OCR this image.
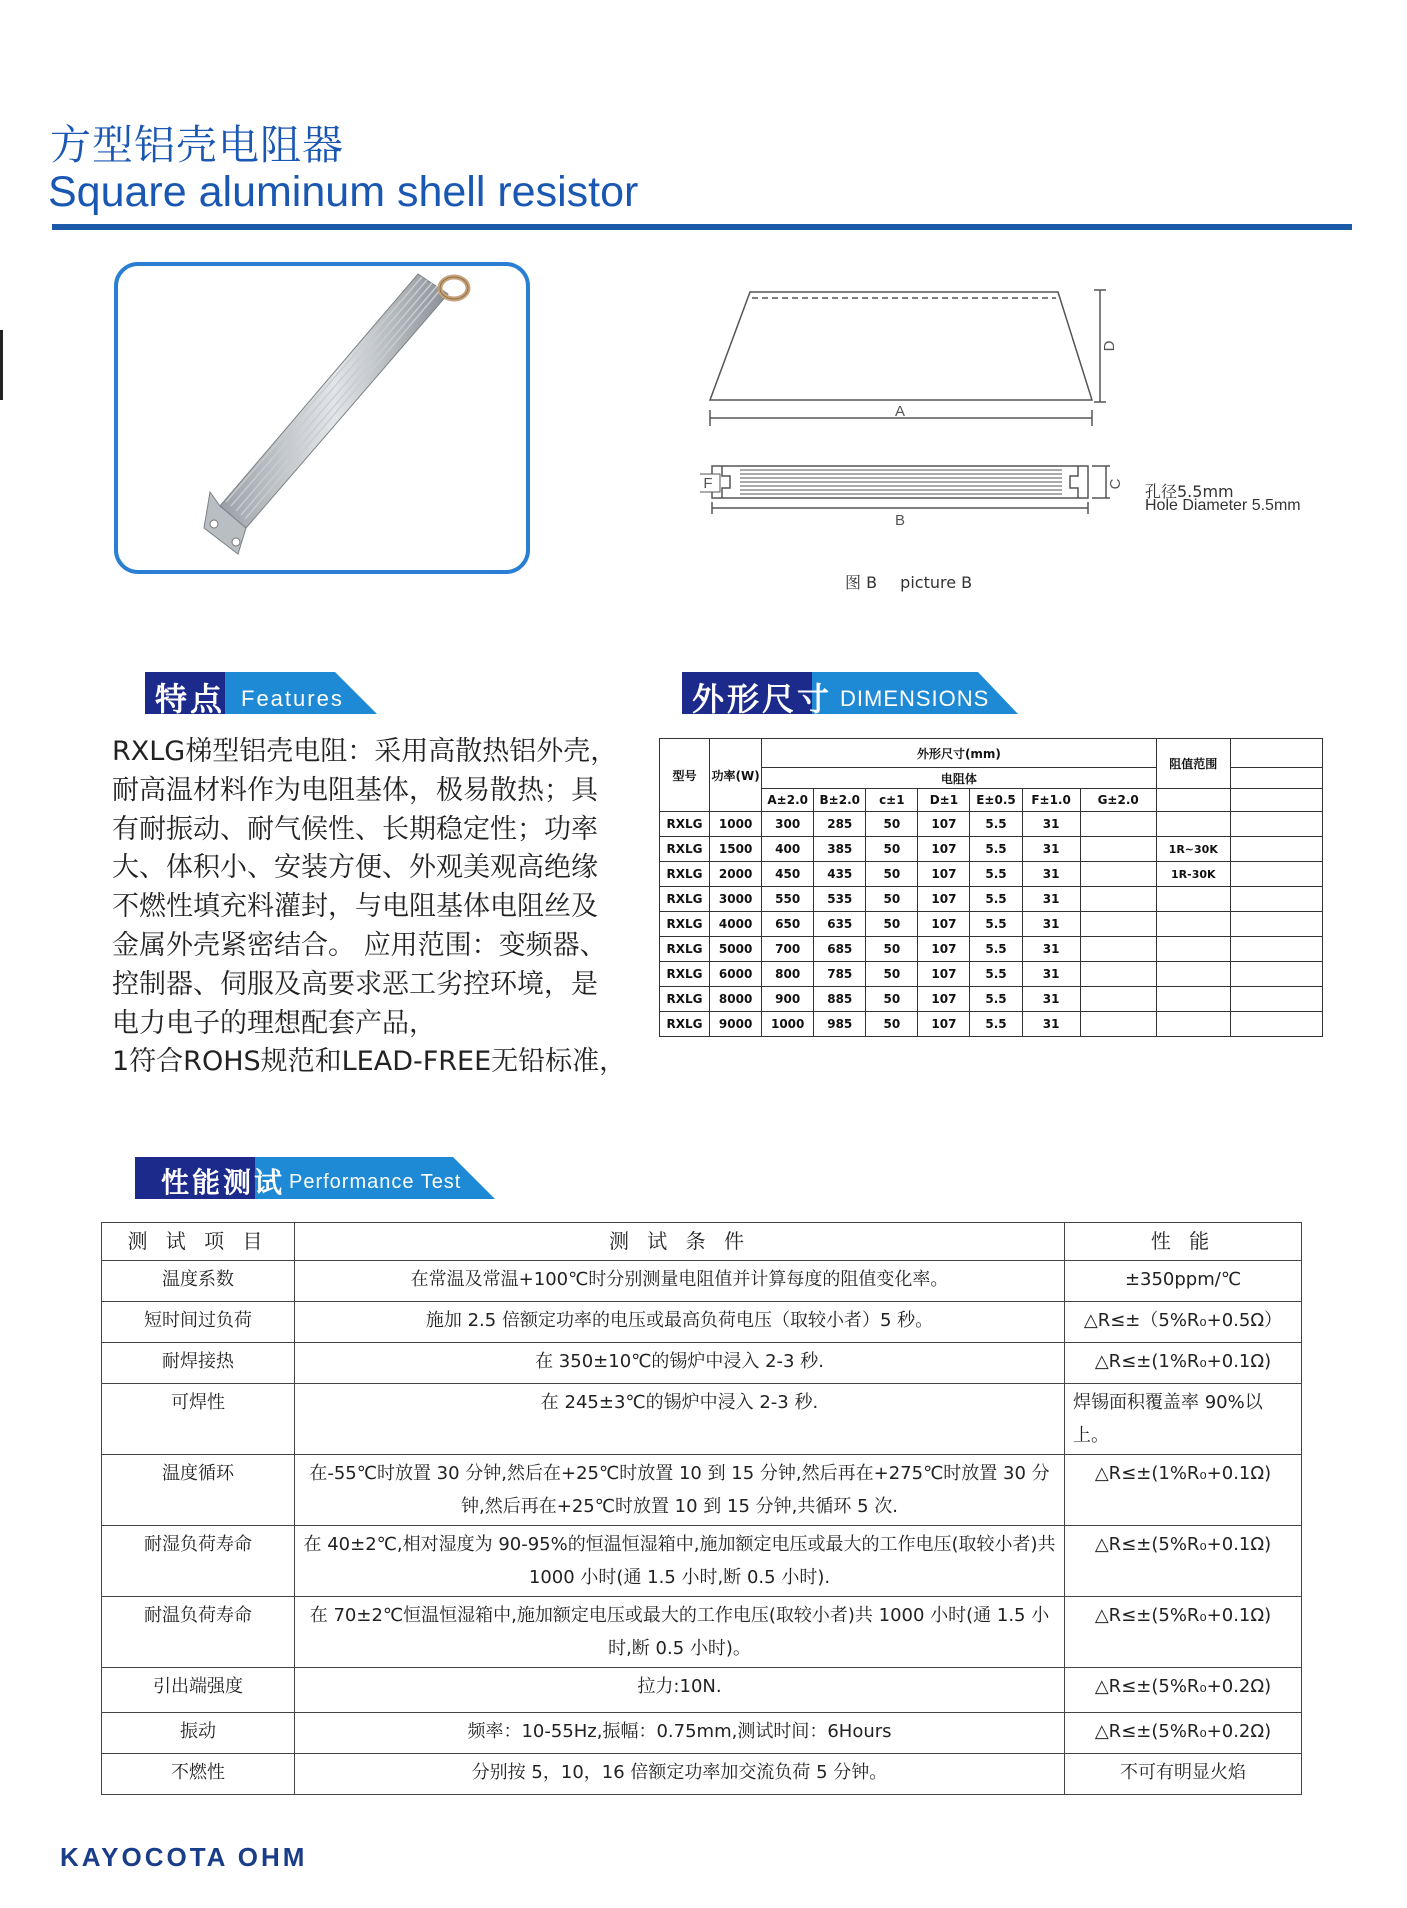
方型铝壳电阻器
Square aluminum shell resistor
A
B
F
D
C 孔径5.5mm
Hole Diameter 5.5mm
图 B picture B
特点 Features
RXLG梯型铝壳电阻：采用高散热铝外壳，
耐高温材料作为电阻基体，极易散热；具
有耐振动、耐气候性、长期稳定性；功率
大、体积小、安装方便、外观美观高绝缘
不燃性填充料灌封，与电阻基体电阻丝及
金属外壳紧密结合。 应用范围：变频器、
控制器、伺服及高要求恶工劣控环境，是
电力电子的理想配套产品，
1符合ROHS规范和LEAD-FREE无铅标准，
外形尺寸 DIMENSIONS
型号	功率(W)	外形尺寸(mm)							阻值范围	
		电阻体								
		A±2.0	B±2.0	c±1	D±1	E±0.5	F±1.0	G±2.0		
RXLG	1000	300	285	50	107	5.5	31			
RXLG	1500	400	385	50	107	5.5	31		1R~30K	
RXLG	2000	450	435	50	107	5.5	31		1R-30K	
RXLG	3000	550	535	50	107	5.5	31			
RXLG	4000	650	635	50	107	5.5	31			
RXLG	5000	700	685	50	107	5.5	31			
RXLG	6000	800	785	50	107	5.5	31			
RXLG	8000	900	885	50	107	5.5	31			
RXLG	9000	1000	985	50	107	5.5	31			
性能测试 Performance Test
测 试 项 目	测 试 条 件	性 能
温度系数	在常温及常温+100℃时分别测量电阻值并计算每度的阻值变化率。	±350ppm/℃
短时间过负荷	施加 2.5 倍额定功率的电压或最高负荷电压（取较小者）5 秒。	△R≤±（5%R₀+0.5Ω）
耐焊接热	在 350±10℃的锡炉中浸入 2-3 秒.	△R≤±(1%R₀+0.1Ω)
可焊性	在 245±3℃的锡炉中浸入 2-3 秒.	焊锡面积覆盖率 90%以上。
温度循环	在-55℃时放置 30 分钟,然后在+25℃时放置 10 到 15 分钟,然后再在+275℃时放置 30 分钟,然后再在+25℃时放置 10 到 15 分钟,共循环 5 次.	△R≤±(1%R₀+0.1Ω)
耐湿负荷寿命	在 40±2℃,相对湿度为 90-95%的恒温恒湿箱中,施加额定电压或最大的工作电压(取较小者)共 1000 小时(通 1.5 小时,断 0.5 小时).	△R≤±(5%R₀+0.1Ω)
耐温负荷寿命	在 70±2℃恒温恒湿箱中,施加额定电压或最大的工作电压(取较小者)共 1000 小时(通 1.5 小时,断 0.5 小时)。	△R≤±(5%R₀+0.1Ω)
引出端强度	拉力:10N.	△R≤±(5%R₀+0.2Ω)
振动	频率：10-55Hz,振幅：0.75mm,测试时间：6Hours	△R≤±(5%R₀+0.2Ω)
不燃性	分别按 5，10，16 倍额定功率加交流负荷 5 分钟。	不可有明显火焰
KAYOCOTA OHM
